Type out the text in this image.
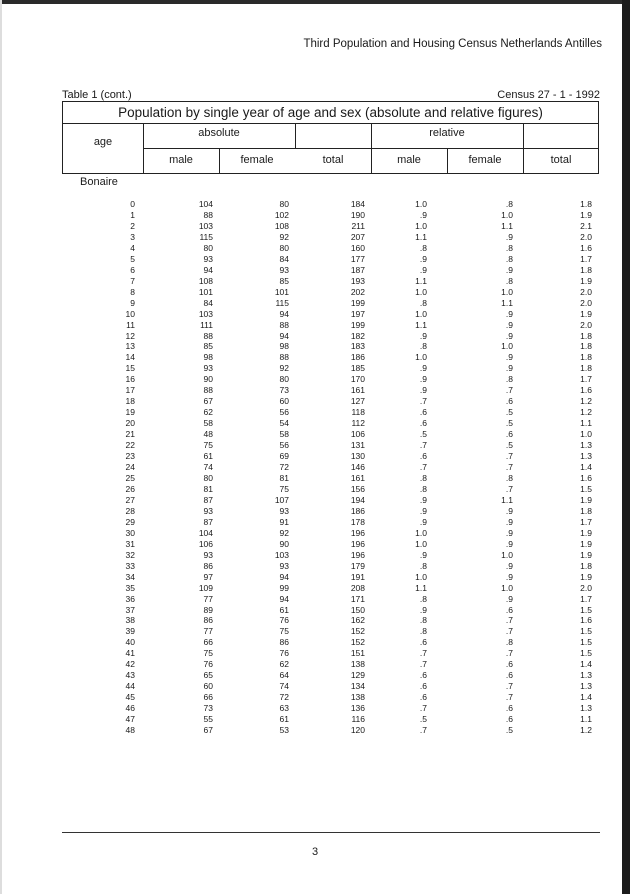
Third Population and Housing Census Netherlands Antilles
Table 1 (cont.)	Census 27 - 1 - 1992
Population by single year of age and sex (absolute and relative figures)
age
absolute	relative
male	female	total	male	female	total
Bonaire
0	104	80	184	1.0	.8	1.8
1	88	102	190	.9	1.0	1.9
2	103	108	211	1.0	1.1	2.1
3	115	92	207	1.1	.9	2.0
4	80	80	160	.8	.8	1.6
5	93	84	177	.9	.8	1.7
6	94	93	187	.9	.9	1.8
7	108	85	193	1.1	.8	1.9
8	101	101	202	1.0	1.0	2.0
9	84	115	199	.8	1.1	2.0
10	103	94	197	1.0	.9	1.9
11	111	88	199	1.1	.9	2.0
12	88	94	182	.9	.9	1.8
13	85	98	183	.8	1.0	1.8
14	98	88	186	1.0	.9	1.8
15	93	92	185	.9	.9	1.8
16	90	80	170	.9	.8	1.7
17	88	73	161	.9	.7	1.6
18	67	60	127	.7	.6	1.2
19	62	56	118	.6	.5	1.2
20	58	54	112	.6	.5	1.1
21	48	58	106	.5	.6	1.0
22	75	56	131	.7	.5	1.3
23	61	69	130	.6	.7	1.3
24	74	72	146	.7	.7	1.4
25	80	81	161	.8	.8	1.6
26	81	75	156	.8	.7	1.5
27	87	107	194	.9	1.1	1.9
28	93	93	186	.9	.9	1.8
29	87	91	178	.9	.9	1.7
30	104	92	196	1.0	.9	1.9
31	106	90	196	1.0	.9	1.9
32	93	103	196	.9	1.0	1.9
33	86	93	179	.8	.9	1.8
34	97	94	191	1.0	.9	1.9
35	109	99	208	1.1	1.0	2.0
36	77	94	171	.8	.9	1.7
37	89	61	150	.9	.6	1.5
38	86	76	162	.8	.7	1.6
39	77	75	152	.8	.7	1.5
40	66	86	152	.6	.8	1.5
41	75	76	151	.7	.7	1.5
42	76	62	138	.7	.6	1.4
43	65	64	129	.6	.6	1.3
44	60	74	134	.6	.7	1.3
45	66	72	138	.6	.7	1.4
46	73	63	136	.7	.6	1.3
47	55	61	116	.5	.6	1.1
48	67	53	120	.7	.5	1.2
3
